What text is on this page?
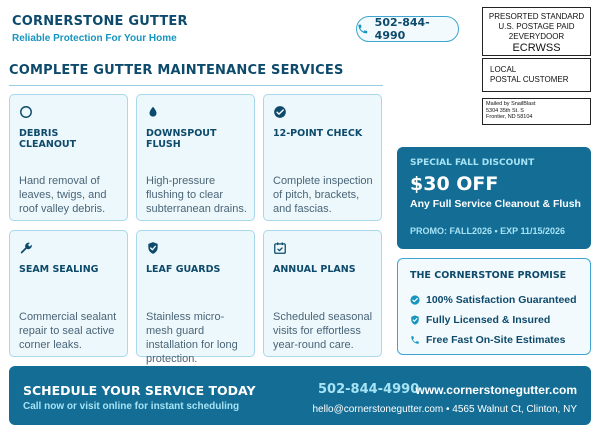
CORNERSTONE GUTTER
Reliable Protection For Your Home
502-844-4990
PRESORTED STANDARD
U.S. POSTAGE PAID
2EVERYDOOR
ECRWSS
LOCAL
POSTAL CUSTOMER
Mailed by SnailBlast
5304 35th St. S
Frontier, ND 58104
COMPLETE GUTTER MAINTENANCE SERVICES
DEBRIS CLEANOUT
Hand removal of leaves, twigs, and roof valley debris.
DOWNSPOUT FLUSH
High-pressure flushing to clear subterranean drains.
12-POINT CHECK
Complete inspection of pitch, brackets, and fascias.
SEAM SEALING
Commercial sealant repair to seal active corner leaks.
LEAF GUARDS
Stainless micro-mesh guard installation for long protection.
ANNUAL PLANS
Scheduled seasonal visits for effortless year-round care.
SPECIAL FALL DISCOUNT
$30 OFF
Any Full Service Cleanout & Flush
PROMO: FALL2026 • EXP 11/15/2026
THE CORNERSTONE PROMISE
100% Satisfaction Guaranteed
Fully Licensed & Insured
Free Fast On-Site Estimates
SCHEDULE YOUR SERVICE TODAY
Call now or visit online for instant scheduling
502-844-4990
www.cornerstonegutter.com
hello@cornerstonegutter.com • 4565 Walnut Ct, Clinton, NY
